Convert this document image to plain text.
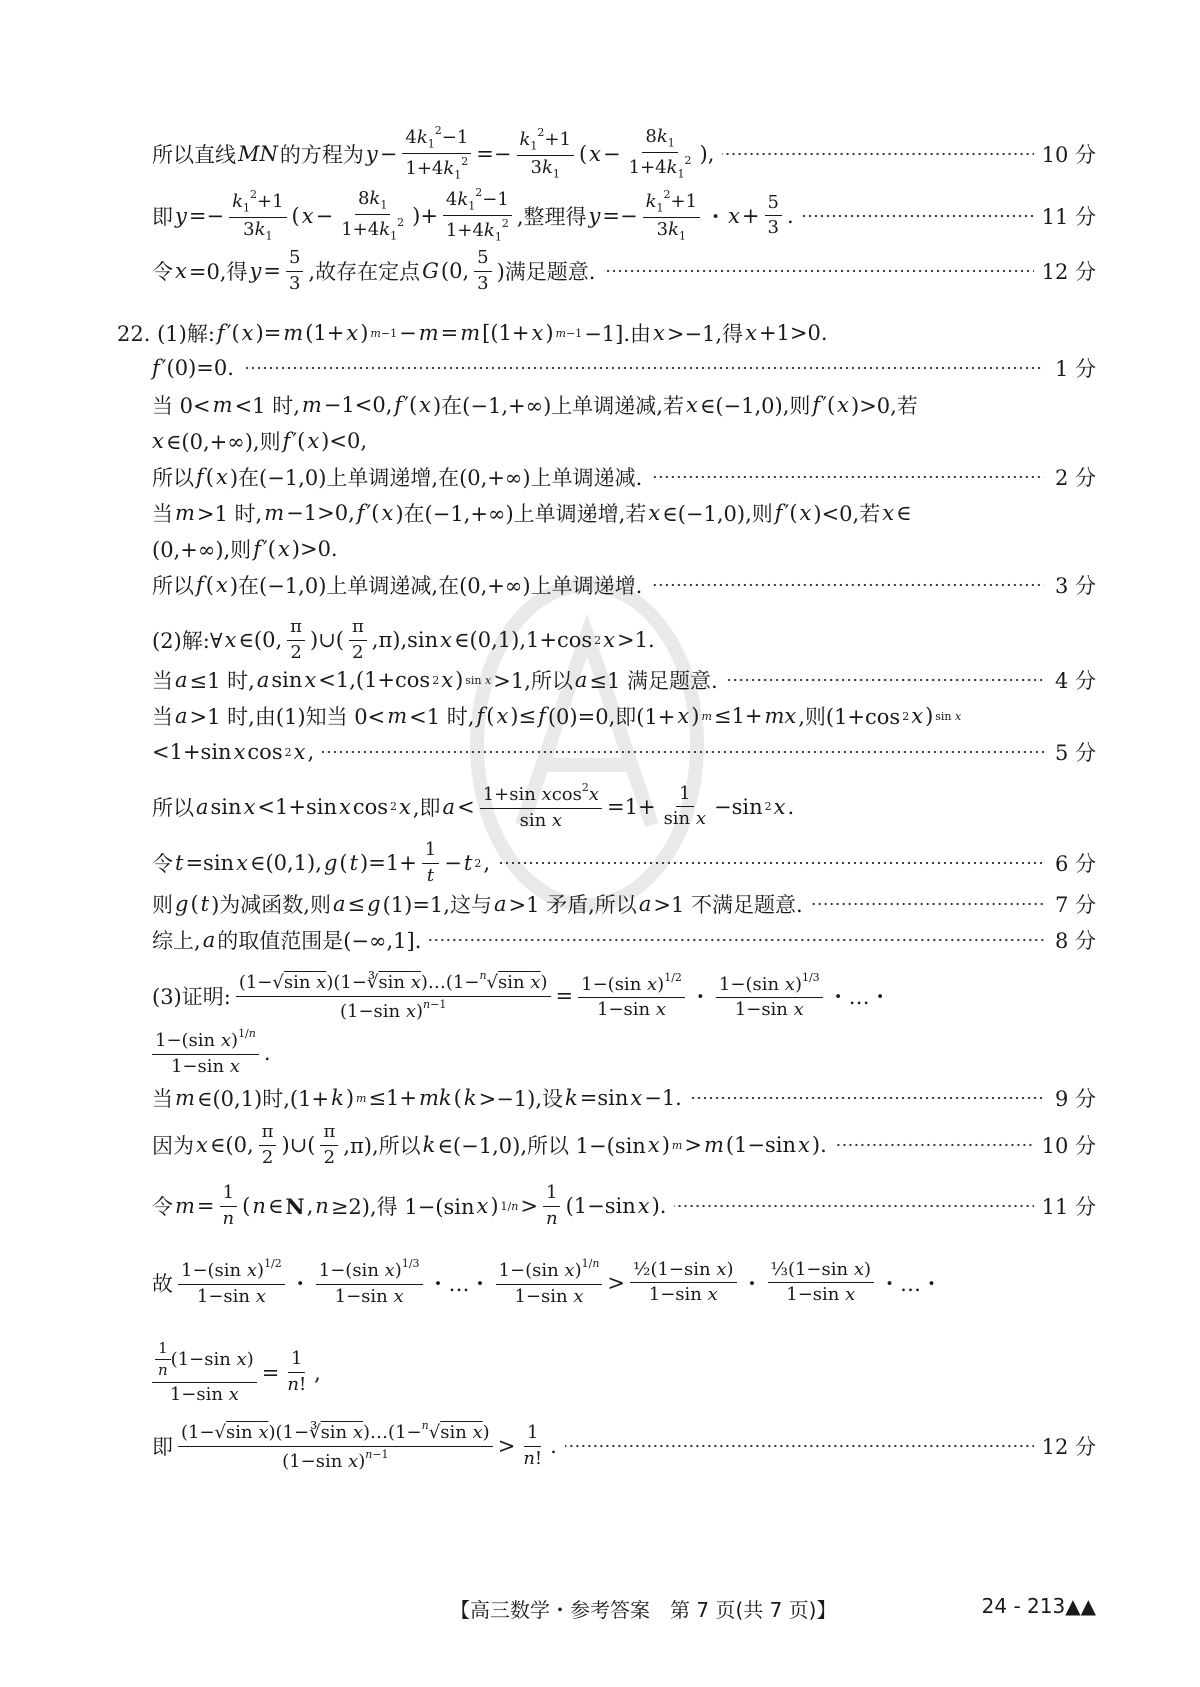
所以直线 MN 的方程为 $y - \frac{4k_1^2-1}{1+4k_1^2} =- \frac{k_1^2+1}{3k_1}$ ( $x - \frac{8k_1}{1+4k_1^2}$ ),	10 分
即 $y =- \frac{k_1^2+1}{3k_1}$ ( $x - \frac{8k_1}{1+4k_1^2}$ )+ $\frac{4k_1^2-1}{1+4k_1^2}$ ,整理得 $y =- \frac{k_1^2+1}{3k_1}$ ・ $x + \frac{5}{3}$ .	11 分
令 x =0,得 $y = \frac{5}{3}$ ,故存在定点 G (0, $\frac{5}{3}$ )满足题意.	12 分
22. (1)解: f ′( x )= m (1+ x ) m−1 − m = m [(1+ x ) m−1 −1].由 x >−1,得 x +1>0.
f ′(0)=0.	1 分
当 0< m <1 时, m −1<0, f ′( x )在(−1,+∞)上单调递减,若 x ∈(−1,0),则 f ′( x )>0,若
x ∈(0,+∞),则 f ′( x )<0,
所以 f ( x )在(−1,0)上单调递增,在(0,+∞)上单调递减.	2 分
当 m >1 时, m −1>0, f ′( x )在(−1,+∞)上单调递增,若 x ∈(−1,0),则 f ′( x )<0,若 x ∈
(0,+∞),则 f ′( x )>0.
所以 f ( x )在(−1,0)上单调递减,在(0,+∞)上单调递增.	3 分
(2)解:∀ x ∈(0, $\frac{\pi}{2}$ )∪( $\frac{\pi}{2} ,\pi),\sin$ x ∈(0,1),1+cos 2 x >1.
当 a ≤1 时, a sin x <1,(1+cos 2 x ) sin x >1,所以 a ≤1 满足题意.	4 分
当 a >1 时,由(1)知当 0< m <1 时, f ( x )≤ f (0)=0,即(1+ x ) m ≤1+ mx ,则(1+cos 2 x ) sin x
<1+sin x cos 2 x ,	5 分
所以 a sin x <1+sin x cos 2 x ,即 $a < \frac{1+\sin xcos^2x}{\text{sin x}} =1+ \frac{1}{\text{sin x}} -\sin$ 2 x .
令 t =sin x ∈(0,1), g ( t )$=1+ \frac{1}{t} - t$ 2 ,	6 分
则 g ( t )为减函数,则 a ≤ g (1)=1,这与 a >1 矛盾,所以 a >1 不满足题意.	7 分
综上, a 的取值范围是(−∞,1].	8 分
(3)证明: $\frac{(1-√\sin x)(1-∛\sin x)\dots(1-^n√\sin x)}{(1-\sin x)^{n-1}} = \frac{1-(\sin x)^{1/2}}{\text{1−sin x}}$ ・ $\frac{1-(\sin x)^{1/3}}{\text{1−sin x}}$ ・…・
$\frac{1-(\sin x)^{1/n}}{\text{1−sin x}}$ .
当 m ∈(0,1)时,(1+ k ) m ≤1+ mk ( k >−1),设 k =sin x −1.	9 分
因为 x ∈(0, $\frac{\pi}{2}$ )∪( $\frac{\pi}{2} ,\pi$),所以 k ∈(−1,0),所以 1−(sin x ) m > m (1−sin x ).	10 分
令 $m = \frac{1}{n}$ ( n ∈ N , n ≥2),得 1−(sin x ) $1/n > \frac{1}{n} (1-\sin$ x ).	11 分
故 $\frac{1-(\sin x)^{1/2}}{\text{1−sin x}}$ ・ $\frac{1-(\sin x)^{1/3}}{\text{1−sin x}}$ ・…・ $\frac{1-(\sin x)^{1/n}}{\text{1−sin x}} > \frac{\text{½(1−sin x)}}{\text{1−sin x}}$ ・ $\frac{\text{⅓(1−sin x)}}{\text{1−sin x}}$ ・…・
$\frac{\frac{1}{n} (1-\sin x)}{\text{1−sin x}} = \frac{1}{n!}$ ,
即 $\frac{(1-√\sin x)(1-∛\sin x)\dots(1-^n√\sin x)}{(1-\sin x)^{n-1}} > \frac{1}{n!}$ .	12 分
【高三数学・参考答案　第 7 页(共 7 页)】	24 - 213▲▲
